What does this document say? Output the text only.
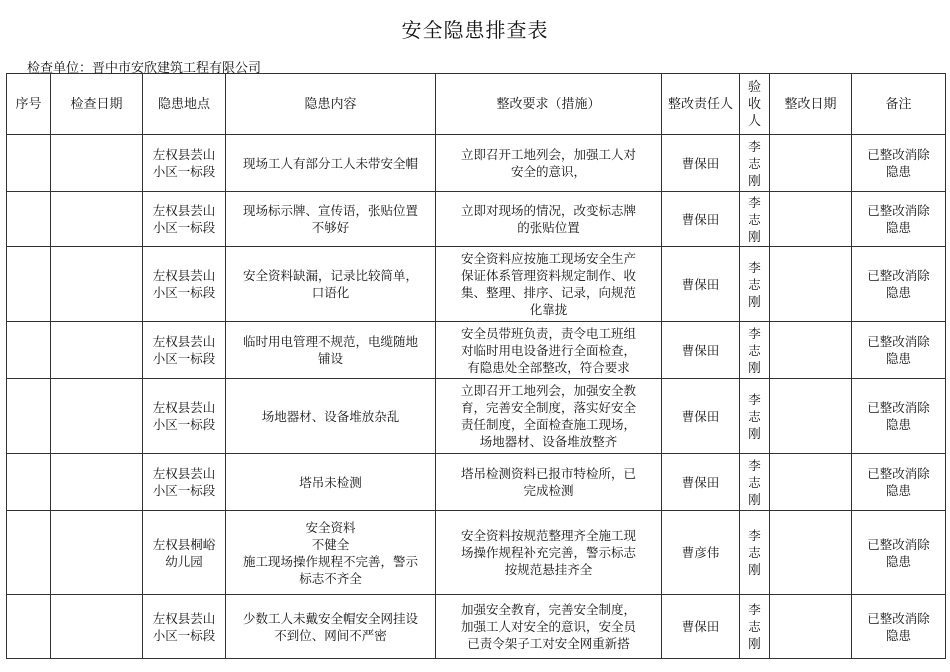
安全隐患排查表
检查单位：晋中市安欣建筑工程有限公司
序号	检查日期	隐患地点	隐患内容	整改要求（措施）	整改责任人	验收人	整改日期	备注

		左权县芸山
小区一标段	现场工人有部分工人未带安全帽	立即召开工地列会，加强工人对
安全的意识，	曹保田	李
志
刚		已整改消除
隐患

		左权县芸山
小区一标段	现场标示牌、宣传语，张贴位置
不够好	立即对现场的情况，改变标志牌
的张贴位置	曹保田	李
志
刚		已整改消除
隐患

		左权县芸山
小区一标段	安全资料缺漏，记录比较简单，
口语化	安全资料应按施工现场安全生产
保证体系管理资料规定制作、收
集、整理、排序、记录，向规范
化靠拢	曹保田	李
志
刚		已整改消除
隐患

		左权县芸山
小区一标段	临时用电管理不规范，电缆随地
铺设	安全员带班负责，责令电工班组
对临时用电设备进行全面检查，
有隐患处全部整改，符合要求	曹保田	李
志
刚		已整改消除
隐患

		左权县芸山
小区一标段	场地器材、设备堆放杂乱	立即召开工地列会，加强安全教
育，完善安全制度，落实好安全
责任制度，全面检查施工现场，
场地器材、设备堆放整齐	曹保田	李
志
刚		已整改消除
隐患

		左权县芸山
小区一标段	塔吊未检测	塔吊检测资料已报市特检所，已
完成检测	曹保田	李
志
刚		已整改消除
隐患

		左权县桐峪
幼儿园	安全资料
不健全
施工现场操作规程不完善，警示
标志不齐全	安全资料按规范整理齐全施工现
场操作规程补充完善，警示标志
按规范悬挂齐全	曹彦伟	李
志
刚		已整改消除
隐患

		左权县芸山
小区一标段	少数工人未戴安全帽安全网挂设
不到位、网间不严密	加强安全教育，完善安全制度，
加强工人对安全的意识，安全员
已责令架子工对安全网重新搭	曹保田	李
志
刚		已整改消除
隐患
